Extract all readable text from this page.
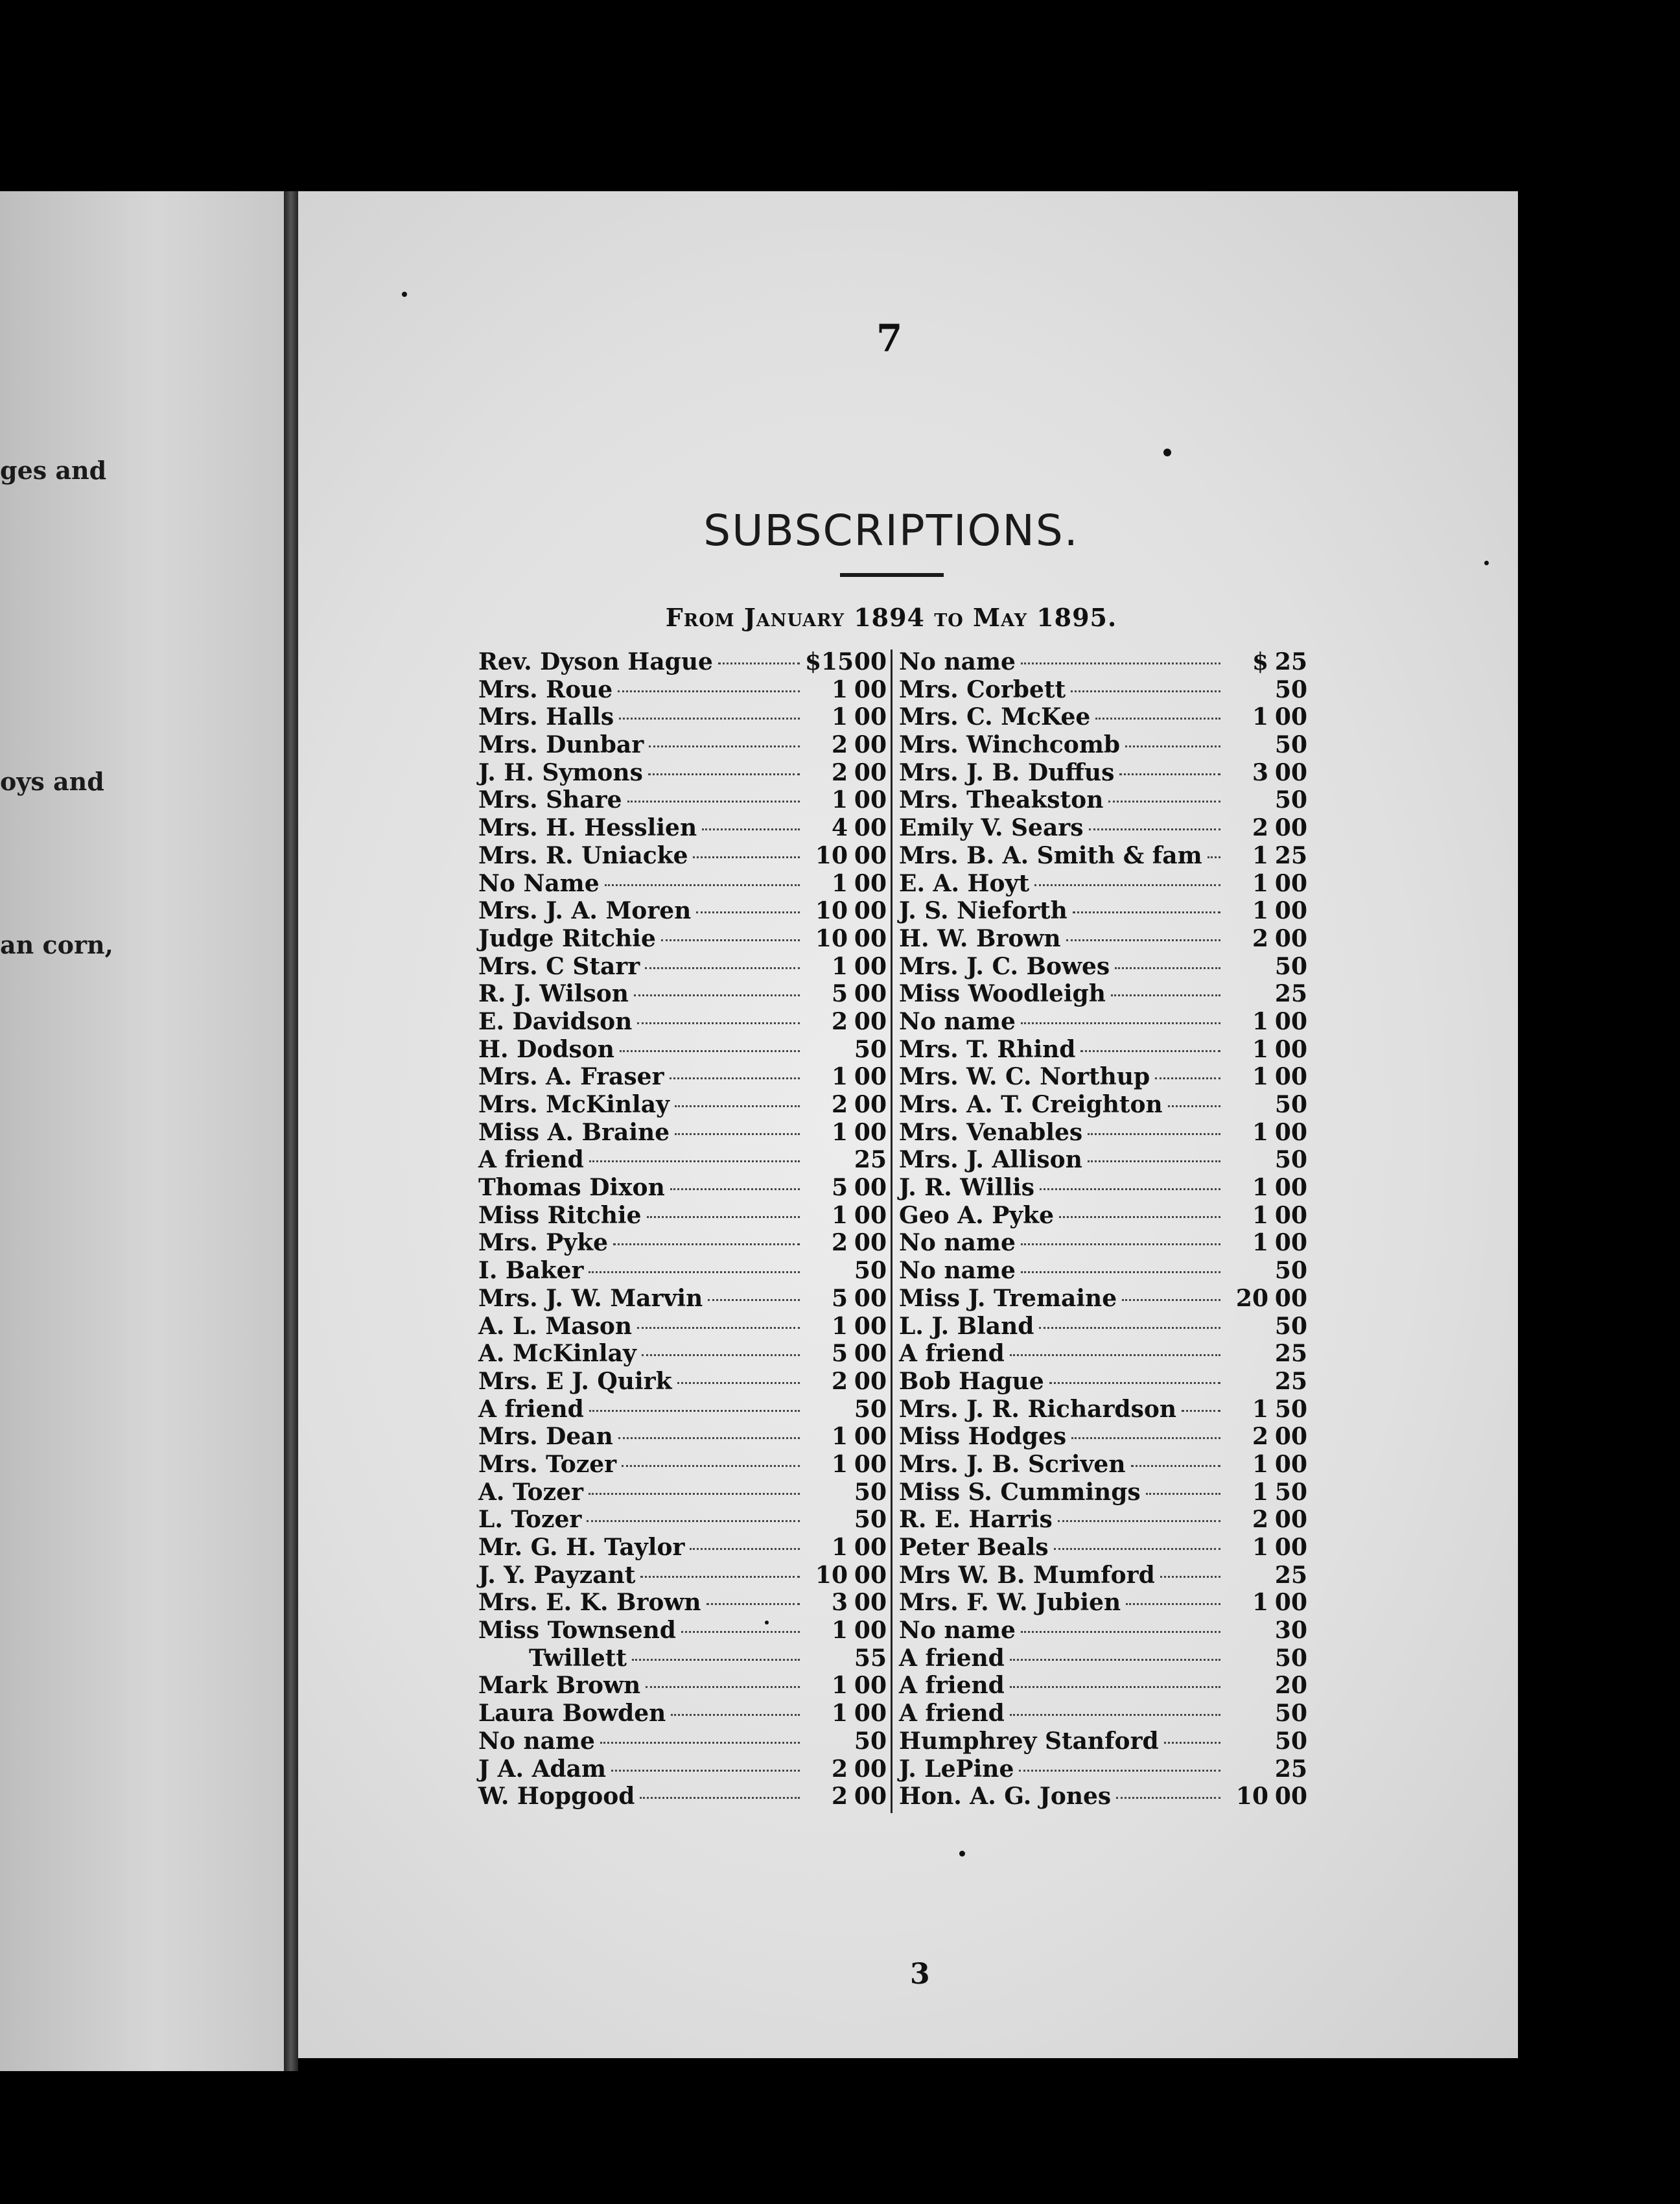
ges and
oys and
an corn,
7
SUBSCRIPTIONS.
From January 1894 to May 1895.
Rev. Dyson Hague	$15 00
Mrs. Roue	1 00
Mrs. Halls	1 00
Mrs. Dunbar	2 00
J. H. Symons	2 00
Mrs. Share	1 00
Mrs. H. Hesslien	4 00
Mrs. R. Uniacke	10 00
No Name	1 00
Mrs. J. A. Moren	10 00
Judge Ritchie	10 00
Mrs. C Starr	1 00
R. J. Wilson	5 00
E. Davidson	2 00
H. Dodson	50
Mrs. A. Fraser	1 00
Mrs. McKinlay	2 00
Miss A. Braine	1 00
A friend	25
Thomas Dixon	5 00
Miss Ritchie	1 00
Mrs. Pyke	2 00
I. Baker	50
Mrs. J. W. Marvin	5 00
A. L. Mason	1 00
A. McKinlay	5 00
Mrs. E J. Quirk	2 00
A friend	50
Mrs. Dean	1 00
Mrs. Tozer	1 00
A. Tozer	50
L. Tozer	50
Mr. G. H. Taylor	1 00
J. Y. Payzant	10 00
Mrs. E. K. Brown	3 00
Miss Townsend	1 00
Twillett	55
Mark Brown	1 00
Laura Bowden	1 00
No name	50
J A. Adam	2 00
W. Hopgood	2 00
No name	$ 25
Mrs. Corbett	50
Mrs. C. McKee	1 00
Mrs. Winchcomb	50
Mrs. J. B. Duffus	3 00
Mrs. Theakston	50
Emily V. Sears	2 00
Mrs. B. A. Smith & fam	1 25
E. A. Hoyt	1 00
J. S. Nieforth	1 00
H. W. Brown	2 00
Mrs. J. C. Bowes	50
Miss Woodleigh	25
No name	1 00
Mrs. T. Rhind	1 00
Mrs. W. C. Northup	1 00
Mrs. A. T. Creighton	50
Mrs. Venables	1 00
Mrs. J. Allison	50
J. R. Willis	1 00
Geo A. Pyke	1 00
No name	1 00
No name	50
Miss J. Tremaine	20 00
L. J. Bland	50
A friend	25
Bob Hague	25
Mrs. J. R. Richardson	1 50
Miss Hodges	2 00
Mrs. J. B. Scriven	1 00
Miss S. Cummings	1 50
R. E. Harris	2 00
Peter Beals	1 00
Mrs W. B. Mumford	25
Mrs. F. W. Jubien	1 00
No name	30
A friend	50
A friend	20
A friend	50
Humphrey Stanford	50
J. LePine	25
Hon. A. G. Jones	10 00
3
